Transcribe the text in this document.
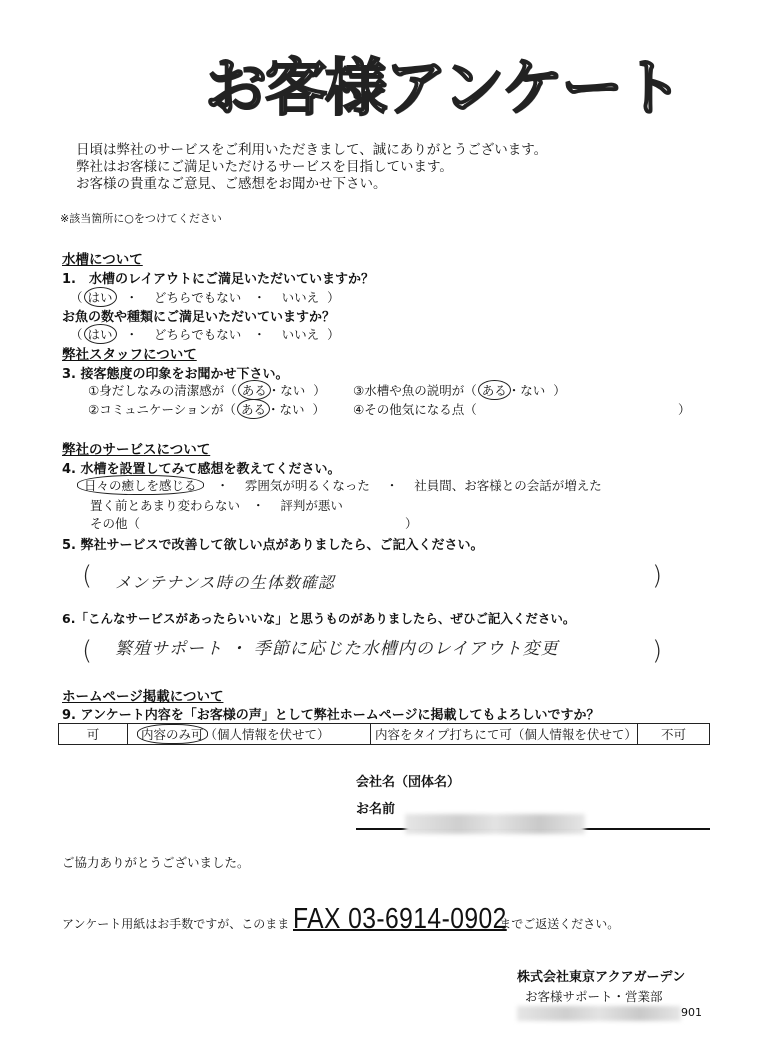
お客様アンケート
日頃は弊社のサービスをご利用いただきまして、誠にありがとうございます。
弊社はお客様にご満足いただけるサービスを目指しています。
お客様の貴重なご意見、ご感想をお聞かせ下さい。
※該当箇所に○をつけてください
水槽について
1.　水槽のレイアウトにご満足いただいていますか？
（ はい ・ どちらでもない ・ いいえ ）
お魚の数や種類にご満足いただいていますか？
（ はい ・ どちらでもない ・ いいえ ）
弊社スタッフについて
3. 接客態度の印象をお聞かせ下さい。
①身だしなみの清潔感が（ ある・ない ） ③水槽や魚の説明が（ ある・ない ）
②コミュニケーションが（ ある・ない ） ④その他気になる点（	）
弊社のサービスについて
4. 水槽を設置してみて感想を教えてください。
日々の癒しを感じる ・ 雰囲気が明るくなった ・ 社員間、お客様との会話が増えた
置く前とあまり変わらない ・ 評判が悪い
その他（	）
5. 弊社サービスで改善して欲しい点がありましたら、ご記入ください。
( メンテナンス時の生体数確認	)
6.「こんなサービスがあったらいいな」と思うものがありましたら、ぜひご記入ください。
( 繁殖サポート ・ 季節に応じた水槽内のレイアウト変更	)
ホームページ掲載について
9. アンケート内容を「お客様の声」として弊社ホームページに掲載してもよろしいですか？
可	内容のみ可（個人情報を伏せて）	内容をタイプ打ちにて可（個人情報を伏せて）	不可
会社名（団体名）
お名前
ご協力ありがとうございました。
アンケート用紙はお手数ですが、このまま FAX 03-6914-0902
までご返送ください。
株式会社東京アクアガーデン
お客様サポート・営業部
901
